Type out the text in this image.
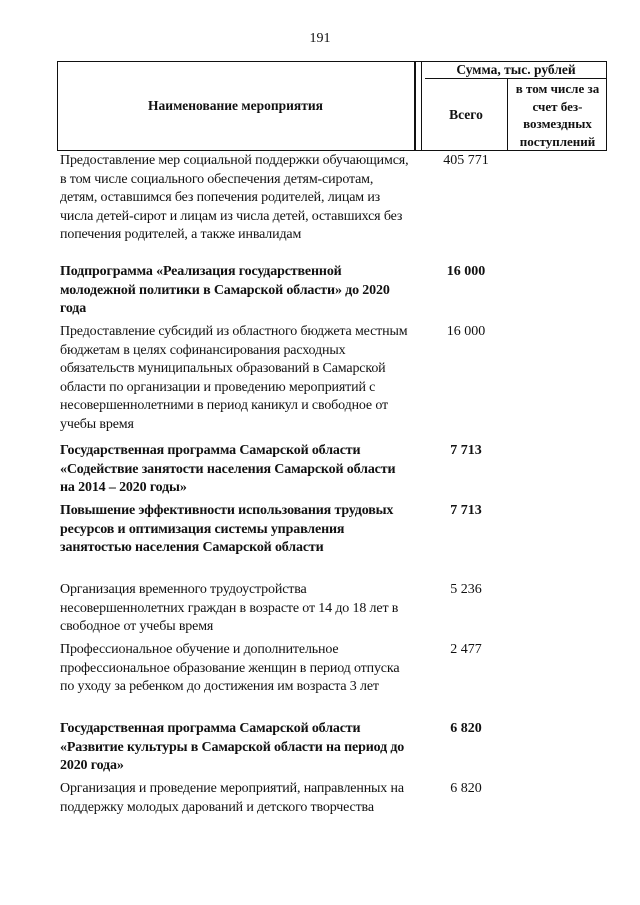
191
Наименование мероприятия
Сумма, тыс. рублей
Всего
в том числе за счет без-возмездных поступлений
Предоставление мер социальной поддержки обучающимся, в том числе социального обеспечения детям-сиротам, детям, оставшимся без попечения родителей, лицам из числа детей-сирот и лицам из числа детей, оставшихся без попечения родителей, а также инвалидам
405 771
Подпрограмма «Реализация государственной молодежной политики в Самарской области» до 2020 года
16 000
Предоставление субсидий из областного бюджета местным бюджетам в целях софинансирования расходных обязательств муниципальных образований в Самарской области по организации и проведению мероприятий с несовершеннолетними в период каникул и свободное от учебы время
16 000
Государственная программа Самарской области «Содействие занятости населения Самарской области на 2014 – 2020 годы»
7 713
Повышение эффективности использования трудовых ресурсов и оптимизация системы управления занятостью населения Самарской области
7 713
Организация временного трудоустройства несовершеннолетних граждан в возрасте от 14 до 18 лет в свободное от учебы время
5 236
Профессиональное обучение и дополнительное профессиональное образование женщин в период отпуска по уходу за ребенком до достижения им возраста 3 лет
2 477
Государственная программа Самарской области «Развитие культуры в Самарской области на период до 2020 года»
6 820
Организация и проведение мероприятий, направленных на поддержку молодых дарований и детского творчества
6 820
